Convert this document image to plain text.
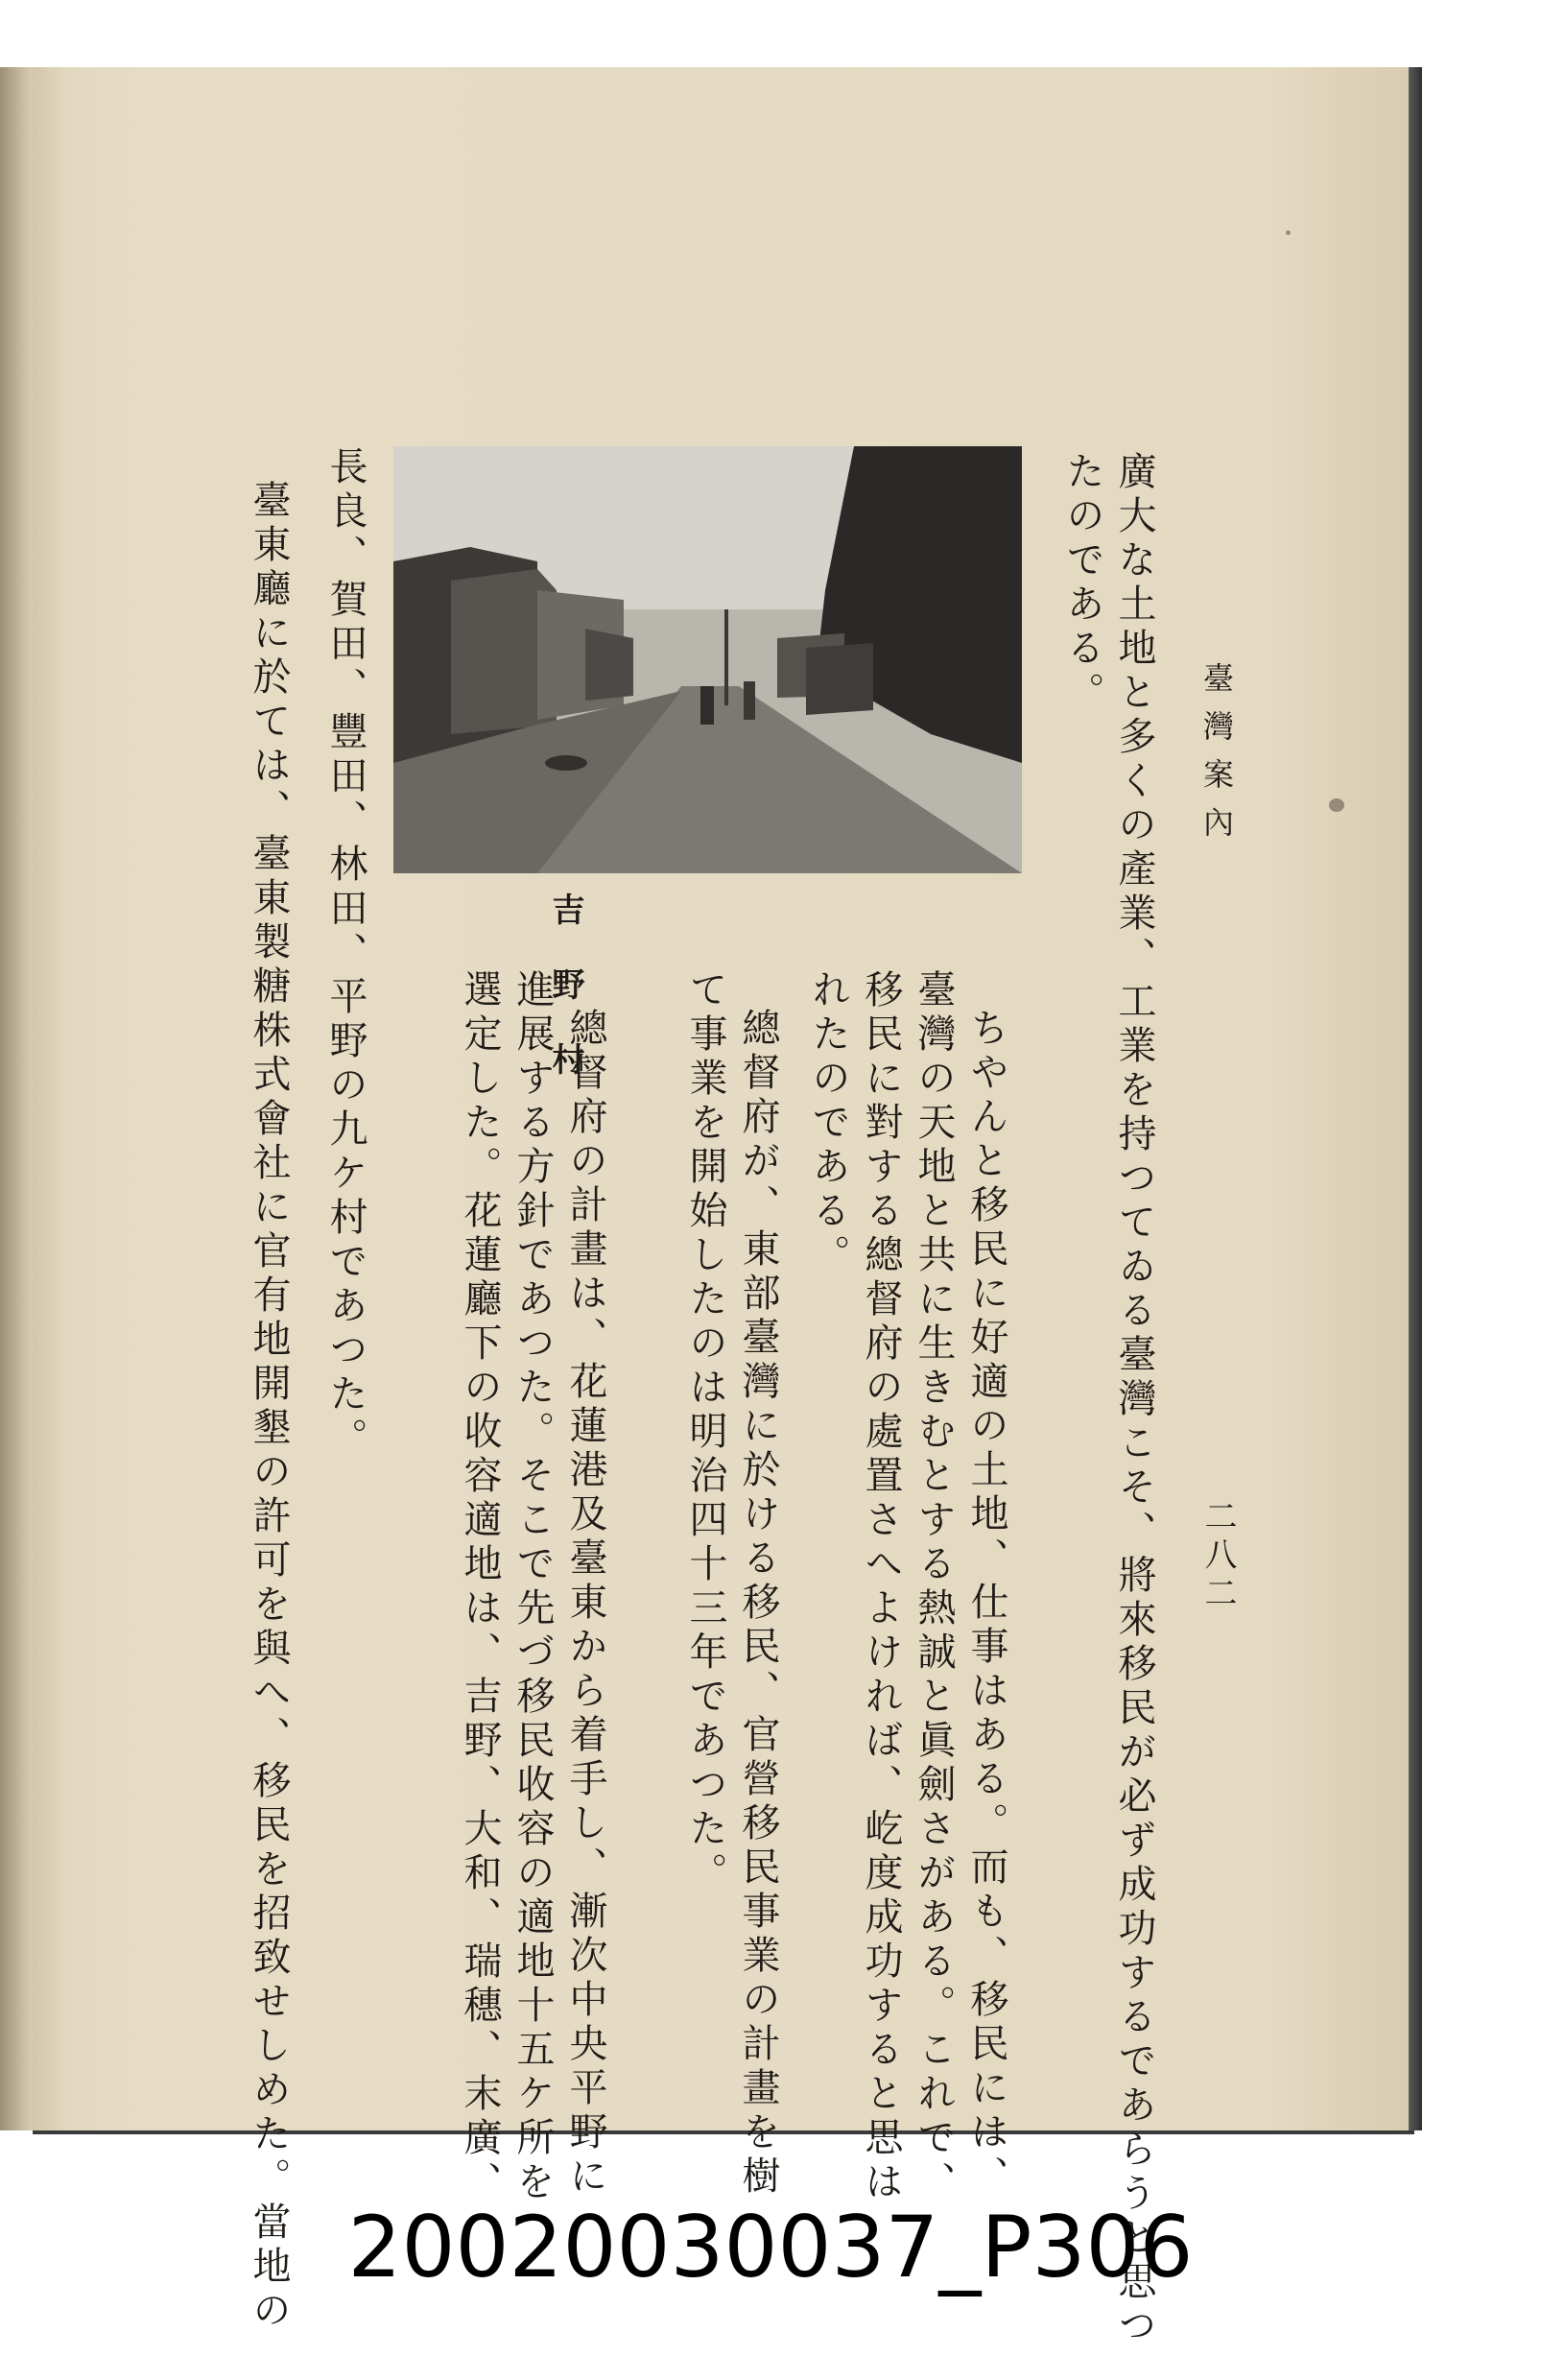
臺灣案內
二八二
廣大な土地と多くの產業、工業を持つてゐる臺灣こそ、將來移民が必ず成功するであらうと思つ
たのである。
吉野村
ちやんと移民に好適の土地、仕事はある。而も、移民には、
臺灣の天地と共に生きむとする熱誠と眞劍さがある。これで、
移民に對する總督府の處置さへよければ、屹度成功すると思は
れたのである。
總督府が、東部臺灣に於ける移民、官營移民事業の計畫を樹
て事業を開始したのは明治四十三年であつた。
總督府の計畫は、花蓮港及臺東から着手し、漸次中央平野に
進展する方針であつた。そこで先づ移民收容の適地十五ケ所を
選定した。花蓮廳下の收容適地は、吉野、大和、瑞穗、末廣、
長良、賀田、豐田、林田、平野の九ケ村であつた。
臺東廳に於ては、臺東製糖株式會社に官有地開墾の許可を與へ、移民を招致せしめた。當地の 20020030037_P306
